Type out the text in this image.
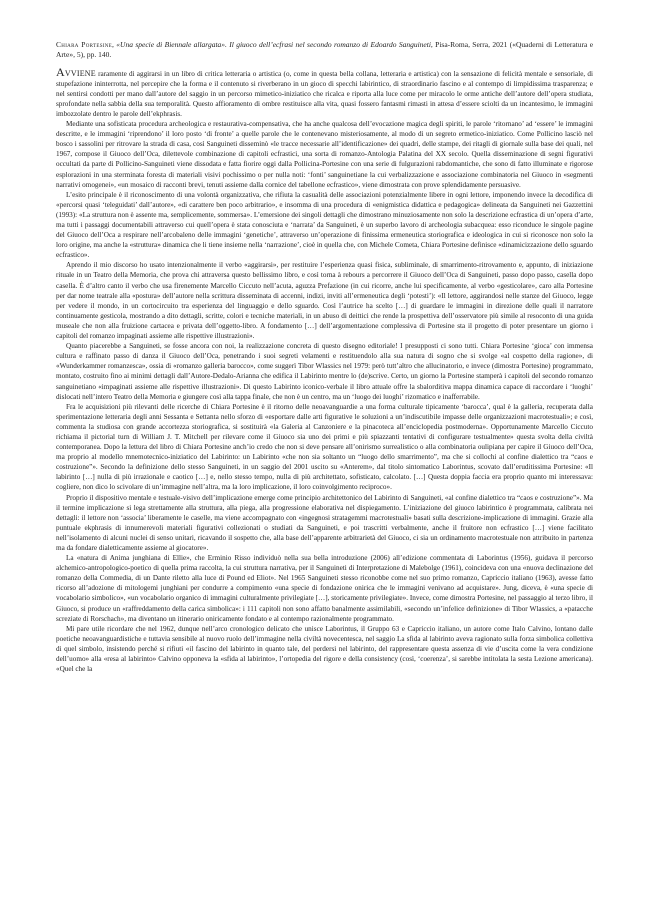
Chiara Portesine, «Una specie di Biennale allargata». Il giuoco dell’ecfrasi nel secondo romanzo di Edoardo Sanguineti, Pisa-Roma, Serra, 2021 («Quaderni di Letteratura e Arte», 5), pp. 140.

Avviene raramente di aggirarsi in un libro di critica letteraria o artistica (o, come in questa bella collana, letteraria e artistica) con la sensazione di felicità mentale e sensoriale, di stupefazione ininterrotta, nel percepire che la forma e il contenuto si riverberano in un gioco di specchi labirintico, di straordinario fascino e al contempo di limpidissima trasparenza; e nel sentirsi condotti per mano dall’autore del saggio in un percorso mimetico-iniziatico che ricalca e riporta alla luce come per miracolo le orme antiche dell’autore dell’opera studiata, sprofondate nella sabbia della sua temporalità. Questo affioramento di ombre restituisce alla vita, quasi fossero fantasmi rimasti in attesa d’essere sciolti da un incantesimo, le immagini imbozzolate dentro le parole dell’ekphrasis.

Mediante una sofisticata procedura archeologica e restaurativa-compensativa, che ha anche qualcosa dell’evocazione magica degli spiriti, le parole ‘ritornano’ ad ‘essere’ le immagini descritte, e le immagini ‘riprendono’ il loro posto ‘di fronte’ a quelle parole che le contenevano misteriosamente, al modo di un segreto ermetico-iniziatico. Come Pollicino lasciò nel bosco i sassolini per ritrovare la strada di casa, così Sanguineti disseminò «le tracce necessarie all’identificazione» dei quadri, delle stampe, dei ritagli di giornale sulla base dei quali, nel 1967, compose il Giuoco dell’Oca, dilettevole combinazione di capitoli ecfrastici, una sorta di romanzo-Antologia Palatina del XX secolo. Quella disseminazione di segni figurativi occultati da parte di Pollicino-Sanguineti viene dissodata e fatta fiorire oggi dalla Pollicina-Portesine con una serie di fulgurazioni rabdomantiche, che sono di fatto illuminate e rigorose esplorazioni in una sterminata foresta di materiali visivi pochissimo o per nulla noti: ‘fonti’ sanguinetiane la cui verbalizzazione e associazione combinatoria nel Giuoco in «segmenti narrativi omogenei», «un mosaico di racconti brevi, tenuti assieme dalla cornice del tabellone ecfrastico», viene dimostrata con prove splendidamente persuasive.

L’esito principale è il riconoscimento di una volontà organizzativa, che rifiuta la casualità delle associazioni potenzialmente libere in ogni lettore, imponendo invece la decodifica di «percorsi quasi ‘teleguidati’ dall’autore», «di carattere ben poco arbitrario», e insomma di una procedura di «enigmistica didattica e pedagogica» delineata da Sanguineti nei Gazzettini (1993): «La struttura non è assente ma, semplicemente, sommersa». L’emersione dei singoli dettagli che dimostrano minuziosamente non solo la descrizione ecfrastica di un’opera d’arte, ma tutti i passaggi documentabili attraverso cui quell’opera è stata conosciuta e ‘narrata’ da Sanguineti, è un superbo lavoro di archeologia subacquea: esso riconduce le singole pagine del Giuoco dell’Oca a respirare nell’arcobaleno delle immagini ‘genetiche’, attraverso un’operazione di finissima ermeneutica storiografica e ideologica in cui si riconosce non solo la loro origine, ma anche la «struttura» dinamica che li tiene insieme nella ‘narrazione’, cioè in quella che, con Michele Cometa, Chiara Portesine definisce «dinamicizzazione dello sguardo ecfrastico».

Aprendo il mio discorso ho usato intenzionalmente il verbo «aggirarsi», per restituire l’esperienza quasi fisica, subliminale, di smarrimento-ritrovamento e, appunto, di iniziazione rituale in un Teatro della Memoria, che prova chi attraversa questo bellissimo libro, e così torna à rebours a percorrere il Giuoco dell’Oca di Sanguineti, passo dopo passo, casella dopo casella. È d’altro canto il verbo che usa firenemente Marcello Ciccuto nell’acuta, aguzza Prefazione (in cui ricorre, anche lui specificamente, al verbo «gesticolare», caro alla Portesine per dar nome teatrale alla «postura» dell’autore nella scrittura disseminata di accenni, indizi, inviti all’ermeneutica degli ‘potesti’): «Il lettore, aggirandosi nelle stanze del Giuoco, legge per vedere il mondo, in un cortocircuito tra esperienza del linguaggio e dello sguardo. Così l’autrice ha scelto […] di guardare le immagini in direzione delle quali il narratore continuamente gesticola, mostrando a dito dettagli, scritte, colori e tecniche materiali, in un abuso di deittici che rende la prospettiva dell’osservatore più simile al resoconto di una guida museale che non alla fruizione cartacea e privata dell’oggetto-libro. A fondamento […] dell’argomentazione complessiva di Portesine sta il progetto di poter presentare un giorno i capitoli del romanzo impaginati assieme alle rispettive illustrazioni».

Quanto piacerebbe a Sanguineti, se fosse ancora con noi, la realizzazione concreta di questo disegno editoriale! I presupposti ci sono tutti. Chiara Portesine ‘gioca’ con immensa cultura e raffinato passo di danza il Giuoco dell’Oca, penetrando i suoi segreti velamenti e restituendolo alla sua natura di sogno che si svolge «al cospetto della ragione», di «Wunderkammer romanzesca», ossia di «romanzo galleria barocco», come suggerì Tibor Wlassics nel 1979: però tutt’altro che allucinatorio, e invece (dimostra Portesine) programmato, montato, costruito fino ai minimi dettagli dall’Autore-Dedalo-Arianna che edifica il Labirinto mentre lo (de)scrive. Certo, un giorno la Portesine stamperà i capitoli del secondo romanzo sanguinetiano «impaginati assieme alle rispettive illustrazioni». Di questo Labirinto iconico-verbale il libro attuale offre la sbalorditiva mappa dinamica capace di raccordare i ‘luoghi’ dislocati nell’intero Teatro della Memoria e giungere così alla tappa finale, che non è un centro, ma un ‘luogo dei luoghi’ rizomatico e inafferrabile.

Fra le acquisizioni più rilevanti delle ricerche di Chiara Portesine è il ritorno delle neoavanguardie a una forma culturale tipicamente ‘barocca’, qual è la galleria, recuperata dalla sperimentazione letteraria degli anni Sessanta e Settanta nello sforzo di «esportare dalle arti figurative le soluzioni a un’indiscutibile impasse delle organizzazioni macrotestuali»; e così, commenta la studiosa con grande accortezza storiografica, si sostituirà «la Galeria al Canzoniere e la pinacoteca all’enciclopedia postmoderna». Opportunamente Marcello Ciccuto richiama il pictorial turn di William J. T. Mitchell per rilevare come il Giuoco sia uno dei primi e più spiazzanti tentativi di configurare testualmente» questa svolta della civiltà contemporanea. Dopo la lettura del libro di Chiara Portesine anch’io credo che non si deve pensare all’onirismo surrealistico o alla combinatoria oulipiana per capire il Giuoco dell’Oca, ma proprio al modello mnemotecnico-iniziatico del Labirinto: un Labirinto «che non sia soltanto un “luogo dello smarrimento”, ma che si collochi al confine dialettico tra “caos e costruzione”». Secondo la definizione dello stesso Sanguineti, in un saggio del 2001 uscito su «Anterem», dal titolo sintomatico Laborintus, scovato dall’eruditissima Portesine: «Il labirinto […] nulla di più irrazionale e caotico […] e, nello stesso tempo, nulla di più architettato, sofisticato, calcolato. […] Questa doppia faccia era proprio quanto mi interessava: cogliere, non dico lo scivolare di un’immagine nell’altra, ma la loro implicazione, il loro coinvolgimento reciproco».

Proprio il dispositivo mentale e testuale-visivo dell’implicazione emerge come principio architettonico del Labirinto di Sanguineti, «al confine dialettico tra “caos e costruzione”». Ma il termine implicazione si lega strettamente alla struttura, alla piega, alla progressione elaborativa nel dispiegamento. L’iniziazione del giuoco labirintico è programmata, calibrata nei dettagli: il lettore non ‘associa’ liberamente le caselle, ma viene accompagnato con «ingegnosi stratagemmi macrotestuali» basati sulla descrizione-implicazione di immagini. Grazie alla puntuale ekphrasis di innumerevoli materiali figurativi collezionati o studiati da Sanguineti, e poi trascritti verbalmente, anche il fruitore non ecfrastico […] viene facilitato nell’isolamento di alcuni nuclei di senso unitari, ricavando il sospetto che, alla base dell’apparente arbitrarietà del Giuoco, ci sia un ordinamento macrotestuale non attribuito in partenza ma da fondare dialetticamente assieme al giocatore».

La «natura di Anima junghiana di Ellie», che Erminio Risso individuò nella sua bella introduzione (2006) all’edizione commentata di Laborintus (1956), guidava il percorso alchemico-antropologico-poetico di quella prima raccolta, la cui struttura narrativa, per il Sanguineti di Interpretazione di Malebolge (1961), coincideva con una «nuova declinazione del romanzo della Commedia, di un Dante riletto alla luce di Pound ed Eliot». Nel 1965 Sanguineti stesso riconobbe come nel suo primo romanzo, Capriccio italiano (1963), avesse fatto ricorso all’adozione di mitologemi junghiani per condurre a compimento «una specie di fondazione onirica che le immagini venivano ad acquistare». Jung, diceva, è «una specie di vocabolario simbolico», «un vocabolario organico di immagini culturalmente privilegiate […], storicamente privilegiate». Invece, come dimostra Portesine, nel passaggio al terzo libro, il Giuoco, si produce un «raffreddamento della carica simbolica»: i 111 capitoli non sono affatto banalmente assimilabili, «secondo un’infelice definizione» di Tibor Wlassics, a «patacche screziate di Rorschach», ma diventano un itinerario oniricamente fondato e al contempo razionalmente programmato.

Mi pare utile ricordare che nel 1962, dunque nell’arco cronologico delicato che unisce Laborintus, il Gruppo 63 e Capriccio italiano, un autore come Italo Calvino, lontano dalle poetiche neoavanguardistiche e tuttavia sensibile al nuovo ruolo dell’immagine nella civiltà novecentesca, nel saggio La sfida al labirinto aveva ragionato sulla forza simbolica collettiva di quel simbolo, insistendo perché si rifiuti «il fascino del labirinto in quanto tale, del perdersi nel labirinto, del rappresentare questa assenza di vie d’uscita come la vera condizione dell’uomo» alla «resa al labirinto» Calvino opponeva la «sfida al labirinto», l’ortopedia del rigore e della consistency (così, ‘coerenza’, si sarebbe intitolata la sesta Lezione americana). «Quel che la
